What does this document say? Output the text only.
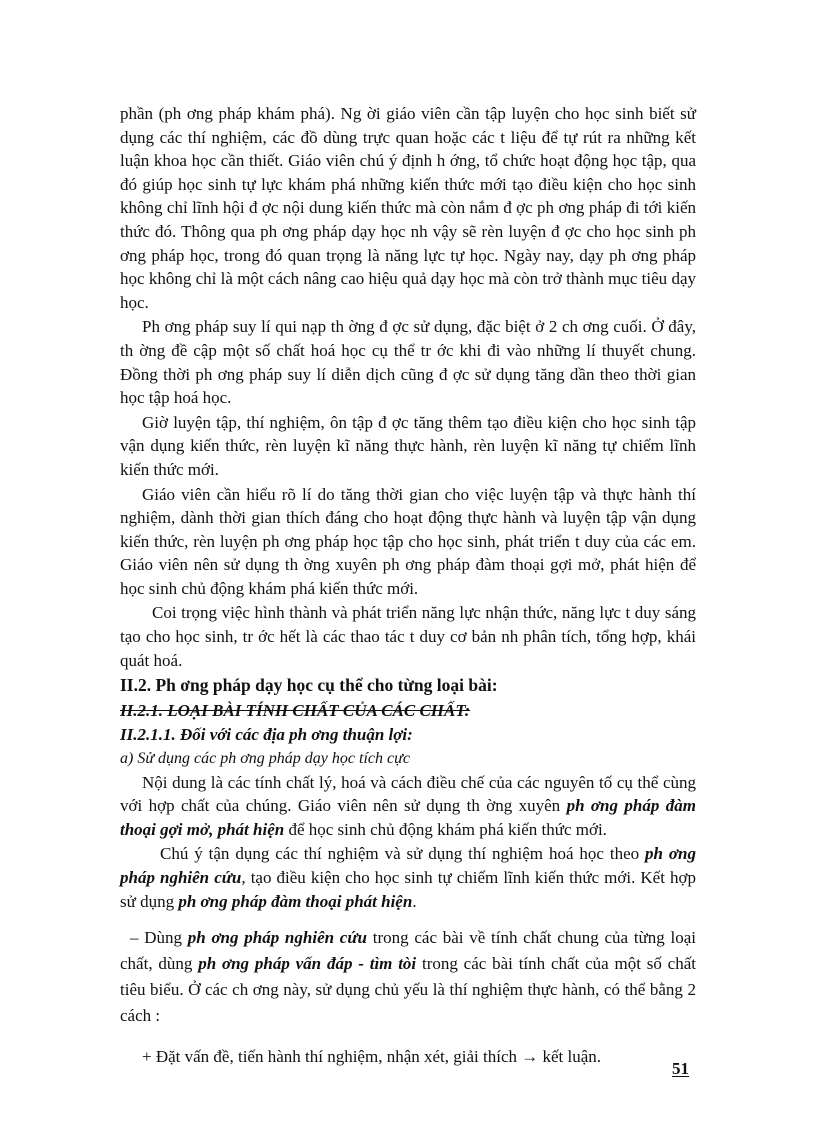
phần (ph ơng pháp khám phá). Ng ời giáo viên cần tập luyện cho học sinh biết sử dụng các thí nghiệm, các đồ dùng trực quan hoặc các t liệu để tự rút ra những kết luận khoa học cần thiết. Giáo viên chú ý định h ớng, tổ chức hoạt động học tập, qua đó giúp học sinh tự lực khám phá những kiến thức mới tạo điều kiện cho học sinh không chỉ lĩnh hội đ ợc nội dung kiến thức mà còn nắm đ ợc ph ơng pháp đi tới kiến thức đó. Thông qua ph ơng pháp dạy học nh vậy sẽ rèn luyện đ ợc cho học sinh ph ơng pháp học, trong đó quan trọng là năng lực tự học. Ngày nay, dạy ph ơng pháp học không chỉ là một cách nâng cao hiệu quả dạy học mà còn trở thành mục tiêu dạy học.

Ph ơng pháp suy lí qui nạp th ờng đ ợc sử dụng, đặc biệt ở 2 ch ơng cuối. Ở đây, th ờng đề cập một số chất hoá học cụ thể tr ớc khi đi vào những lí thuyết chung. Đồng thời ph ơng pháp suy lí diễn dịch cũng đ ợc sử dụng tăng dần theo thời gian học tập hoá học.

Giờ luyện tập, thí nghiệm, ôn tập đ ợc tăng thêm tạo điều kiện cho học sinh tập vận dụng kiến thức, rèn luyện kĩ năng thực hành, rèn luyện kĩ năng tự chiếm lĩnh kiến thức mới.

Giáo viên cần hiểu rõ lí do tăng thời gian cho việc luyện tập và thực hành thí nghiệm, dành thời gian thích đáng cho hoạt động thực hành và luyện tập vận dụng kiến thức, rèn luyện ph ơng pháp học tập cho học sinh, phát triển t duy của các em. Giáo viên nên sử dụng th ờng xuyên ph ơng pháp đàm thoại gợi mở, phát hiện để học sinh chủ động khám phá kiến thức mới.

Coi trọng việc hình thành và phát triển năng lực nhận thức, năng lực t duy sáng tạo cho học sinh, tr ớc hết là các thao tác t duy cơ bản nh phân tích, tổng hợp, khái quát hoá.

II.2. Ph ơng pháp dạy học cụ thể cho từng loại bài:

II.2.1. LOẠI BÀI TÍNH CHẤT CỦA CÁC CHẤT:

II.2.1.1. Đối với các địa ph ơng thuận lợi:

a) Sử dụng các ph ơng pháp dạy học tích cực

Nội dung là các tính chất lý, hoá và cách điều chế của các nguyên tố cụ thể cùng với hợp chất của chúng. Giáo viên nên sử dụng th ờng xuyên ph ơng pháp đàm thoại gợi mở, phát hiện để học sinh chủ động khám phá kiến thức mới.

Chú ý tận dụng các thí nghiệm và sử dụng thí nghiệm hoá học theo ph ơng pháp nghiên cứu, tạo điều kiện cho học sinh tự chiếm lĩnh kiến thức mới. Kết hợp sử dụng ph ơng pháp đàm thoại phát hiện.

– Dùng ph ơng pháp nghiên cứu trong các bài về tính chất chung của từng loại chất, dùng ph ơng pháp vấn đáp - tìm tòi trong các bài tính chất của một số chất tiêu biểu. Ở các ch ơng này, sử dụng chủ yếu là thí nghiệm thực hành, có thể bằng 2 cách :

+ Đặt vấn đề, tiến hành thí nghiệm, nhận xét, giải thích → kết luận.

51
